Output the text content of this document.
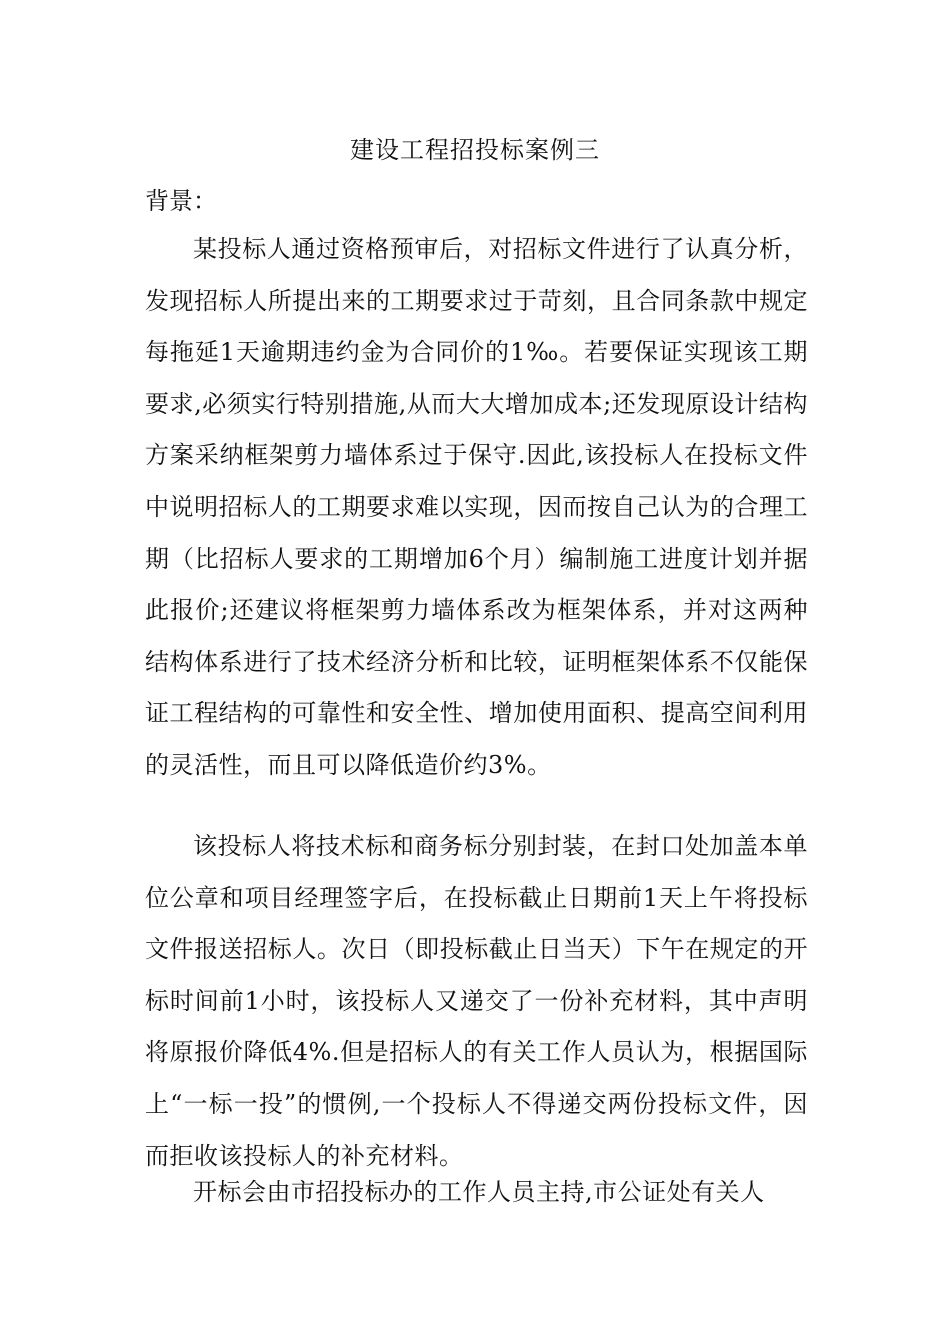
建设工程招投标案例三
背景：

某投标人通过资格预审后，对招标文件进行了认真分析，发现招标人所提出来的工期要求过于苛刻，且合同条款中规定每拖延1天逾期违约金为合同价的1‰。若要保证实现该工期要求,必须实行特别措施,从而大大增加成本;还发现原设计结构方案采纳框架剪力墙体系过于保守.因此,该投标人在投标文件中说明招标人的工期要求难以实现，因而按自己认为的合理工期（比招标人要求的工期增加6个月）编制施工进度计划并据此报价;还建议将框架剪力墙体系改为框架体系，并对这两种结构体系进行了技术经济分析和比较，证明框架体系不仅能保证工程结构的可靠性和安全性、增加使用面积、提高空间利用的灵活性，而且可以降低造价约3%。

该投标人将技术标和商务标分别封装，在封口处加盖本单位公章和项目经理签字后，在投标截止日期前1天上午将投标文件报送招标人。次日（即投标截止日当天）下午在规定的开标时间前1小时，该投标人又递交了一份补充材料，其中声明将原报价降低4%.但是招标人的有关工作人员认为，根据国际上“一标一投”的惯例,一个投标人不得递交两份投标文件，因而拒收该投标人的补充材料。

开标会由市招投标办的工作人员主持,市公证处有关人
